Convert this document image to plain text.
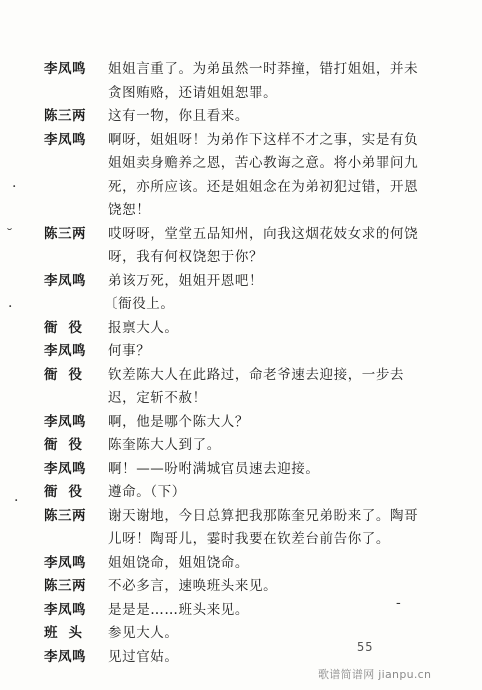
李凤鸣	姐姐言重了。为弟虽然一时莽撞，错打姐姐，并未
贪图贿赂，还请姐姐恕罪。
陈三两	这有一物，你且看来。
李凤鸣	啊呀，姐姐呀！为弟作下这样不才之事，实是有负
姐姐卖身赡养之恩，苦心教诲之意。将小弟罪问九
死，亦所应该。还是姐姐念在为弟初犯过错，开恩
饶恕！
陈三两	哎呀呀，堂堂五品知州，向我这烟花妓女求的何饶
呀，我有何权饶恕于你？
李凤鸣	弟该万死，姐姐开恩吧！
〔衙役上。
衙役	报禀大人。
李凤鸣	何事？
衙役	钦差陈大人在此路过，命老爷速去迎接，一步去
迟，定斩不赦！
李凤鸣	啊，他是哪个陈大人？
衙役	陈奎陈大人到了。
李凤鸣	啊！——吩咐满城官员速去迎接。
衙役	遵命。（下）
陈三两	谢天谢地，今日总算把我那陈奎兄弟盼来了。陶哥
儿呀！陶哥儿，霎时我要在钦差台前告你了。
李凤鸣	姐姐饶命，姐姐饶命。
陈三两	不必多言，速唤班头来见。
李凤鸣	是是是……班头来见。
班头	参见大人。
李凤鸣	见过官姑。
·
˘
·
·
-
55
歌谱简谱网 jianpu.cn
